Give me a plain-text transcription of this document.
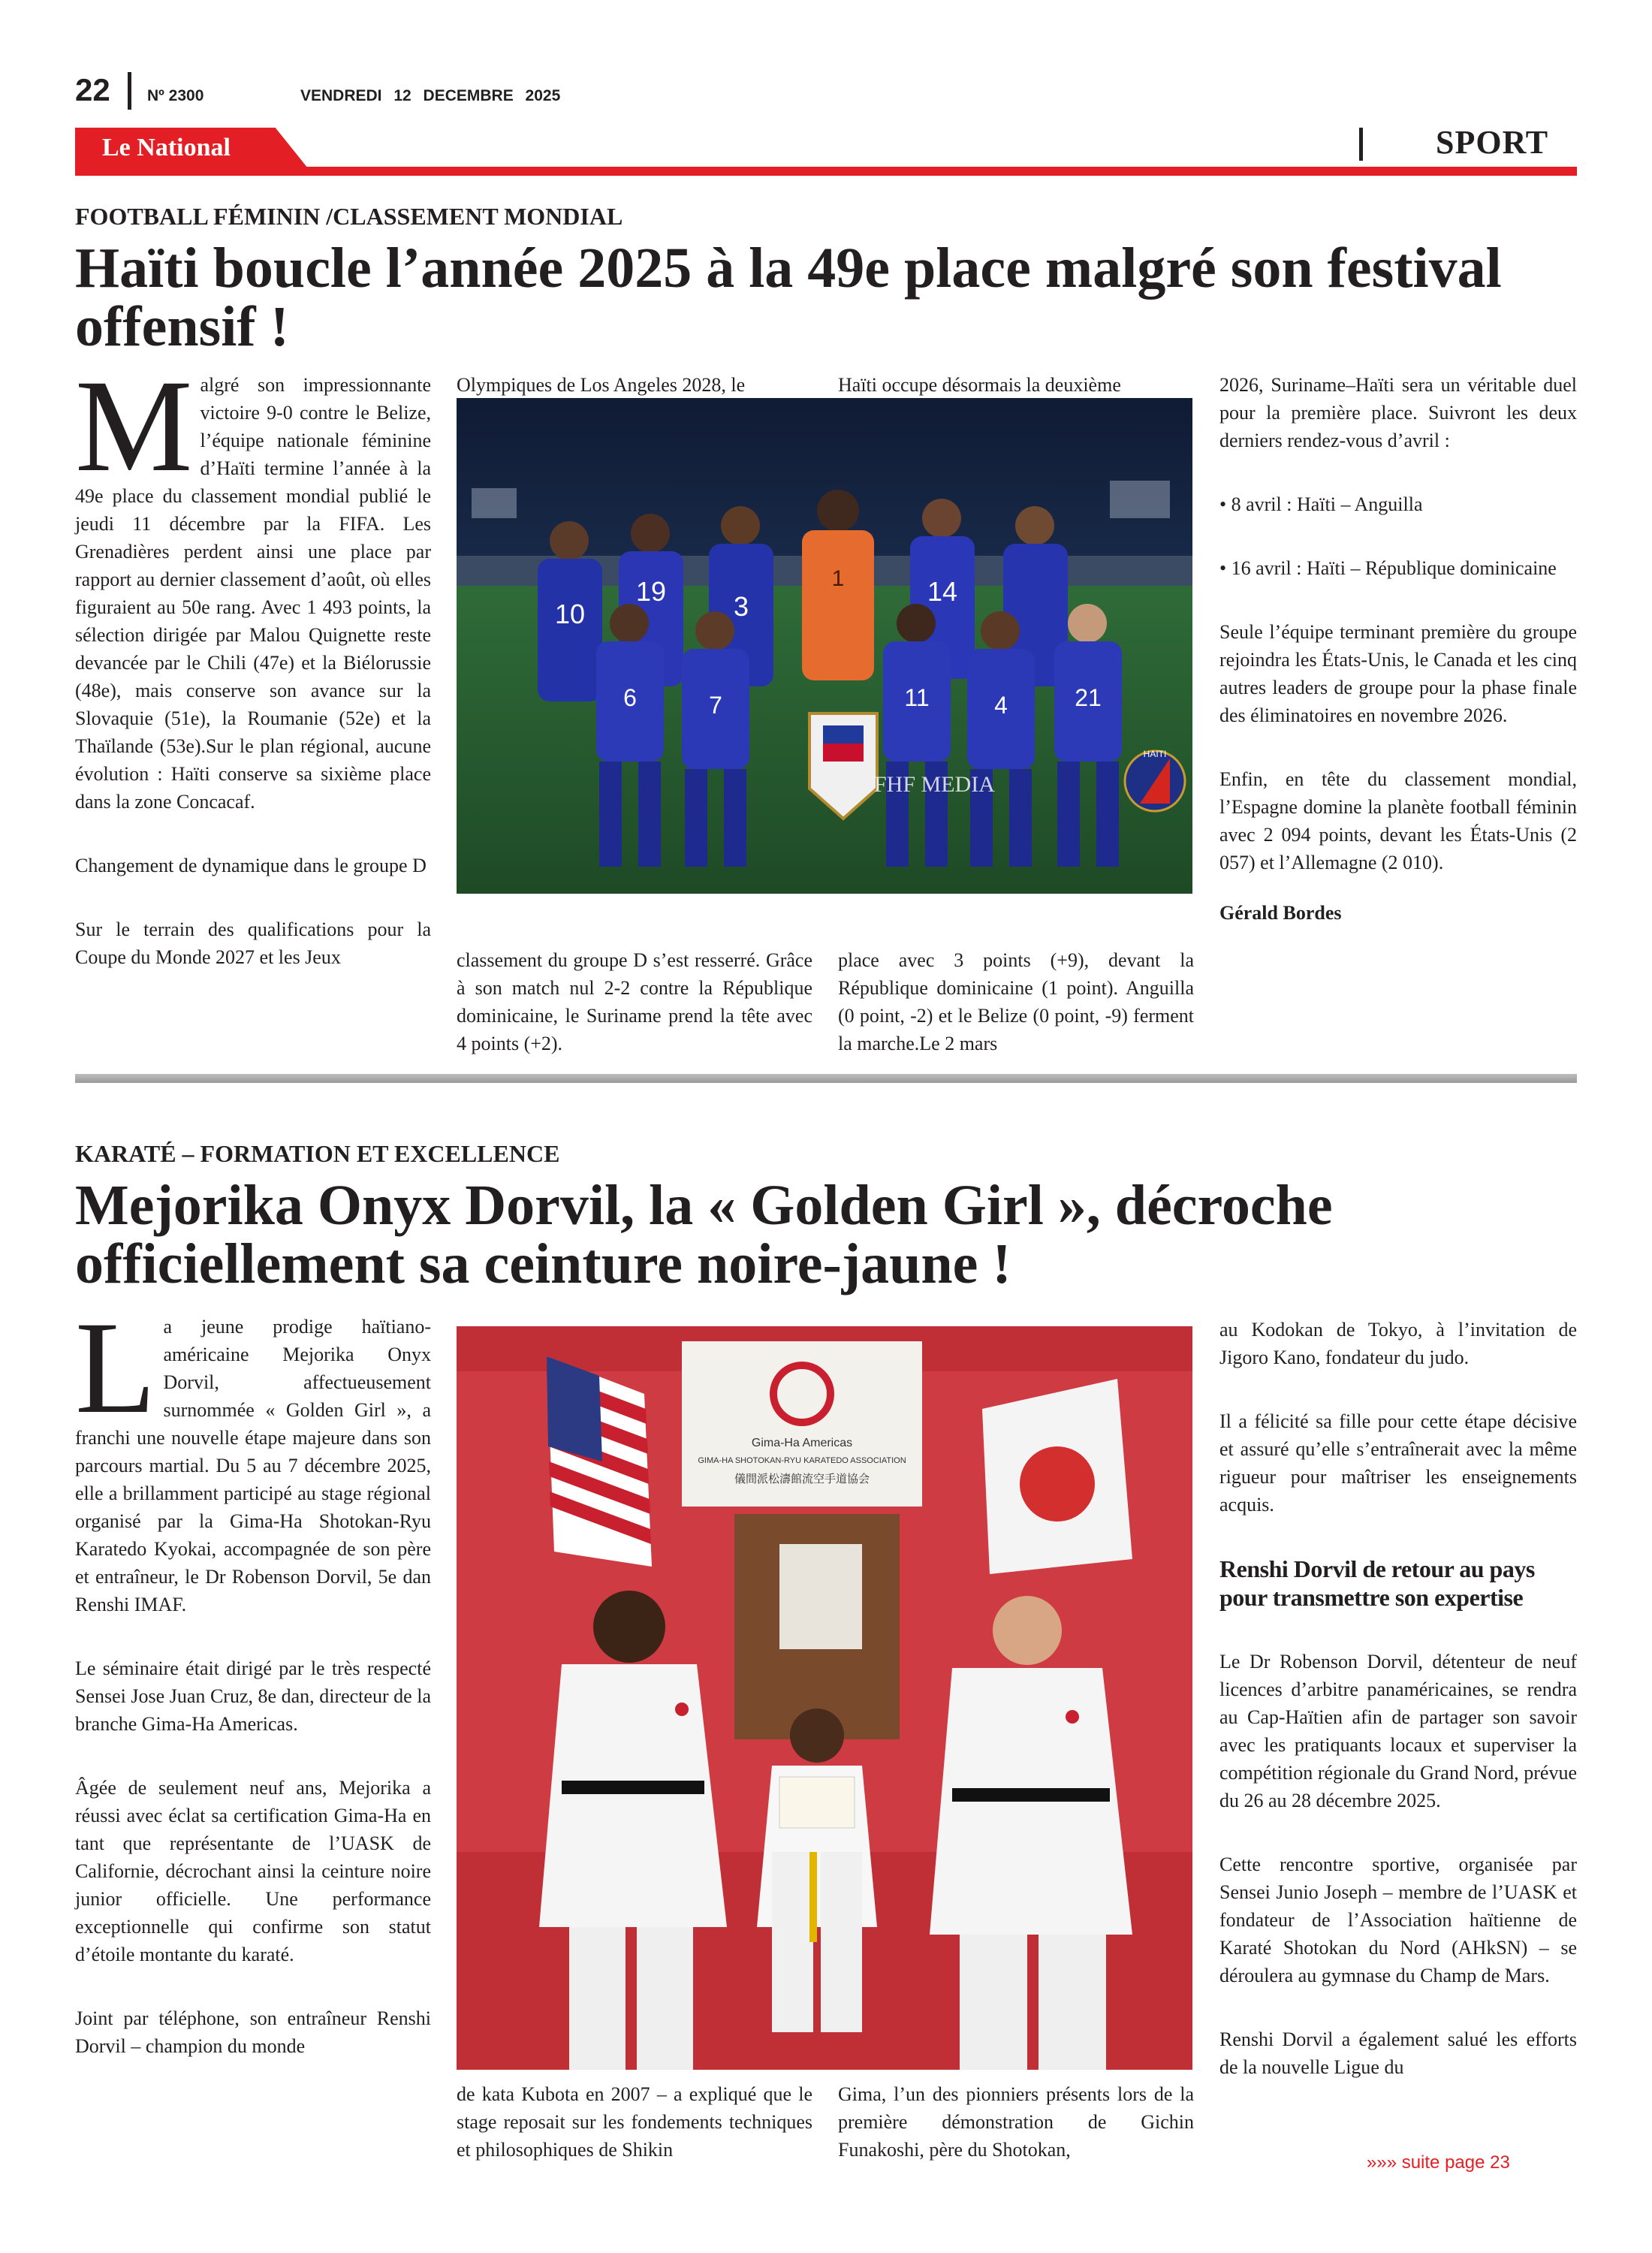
22 Nº 2300	VENDREDI 12 DECEMBRE 2025
Le National	SPORT
FOOTBALL FÉMININ /CLASSEMENT MONDIAL
Haïti boucle l’année 2025 à la 49e place malgré son festival offensif !

Malgré son impressionnante victoire 9-0 contre le Belize, l’équipe nationale féminine d’Haïti termine l’année à la 49e place du classement mondial publié le jeudi 11 décembre par la FIFA. Les Grenadières perdent ainsi une place par rapport au dernier classement d’août, où elles figuraient au 50e rang. Avec 1 493 points, la sélection dirigée par Malou Quignette reste devancée par le Chili (47e) et la Biélorussie (48e), mais conserve son avance sur la Slovaquie (51e), la Roumanie (52e) et la Thaïlande (53e).Sur le plan régional, aucune évolution : Haïti conserve sa sixième place dans la zone Concacaf.

Changement de dynamique dans le groupe D

Sur le terrain des qualifications pour la Coupe du Monde 2027 et les Jeux

Olympiques de Los Angeles 2028, le	Haïti occupe désormais la deuxième
10
19 3
1	14
6	7	11	4	21
FHF MEDIA
HAITI
classement du groupe D s’est resserré. Grâce à son match nul 2-2 contre la République dominicaine, le Suriname prend la tête avec 4 points (+2).
place avec 3 points (+9), devant la République dominicaine (1 point). Anguilla (0 point, -2) et le Belize (0 point, -9) ferment la marche.Le 2 mars

2026, Suriname–Haïti sera un véritable duel pour la première place. Suivront les deux derniers rendez-vous d’avril :

• 8 avril : Haïti – Anguilla

• 16 avril : Haïti – République dominicaine

Seule l’équipe terminant première du groupe rejoindra les États-Unis, le Canada et les cinq autres leaders de groupe pour la phase finale des éliminatoires en novembre 2026.

Enfin, en tête du classement mondial, l’Espagne domine la planète football féminin avec 2 094 points, devant les États-Unis (2 057) et l’Allemagne (2 010).

Gérald Bordes

KARATÉ – FORMATION ET EXCELLENCE
Mejorika Onyx Dorvil, la « Golden Girl », décroche officiellement sa ceinture noire-jaune !

La jeune prodige haïtiano-américaine Mejorika Onyx Dorvil, affectueusement surnommée « Golden Girl », a franchi une nouvelle étape majeure dans son parcours martial. Du 5 au 7 décembre 2025, elle a brillamment participé au stage régional organisé par la Gima-Ha Shotokan-Ryu Karatedo Kyokai, accompagnée de son père et entraîneur, le Dr Robenson Dorvil, 5e dan Renshi IMAF.

Le séminaire était dirigé par le très respecté Sensei Jose Juan Cruz, 8e dan, directeur de la branche Gima-Ha Americas.

Âgée de seulement neuf ans, Mejorika a réussi avec éclat sa certification Gima-Ha en tant que représentante de l’UASK de Californie, décrochant ainsi la ceinture noire junior officielle. Une performance exceptionnelle qui confirme son statut d’étoile montante du karaté.

Joint par téléphone, son entraîneur Renshi Dorvil – champion du monde

Gima-Ha Americas
GIMA-HA SHOTOKAN-RYU KARATEDO ASSOCIATION
儀間派松濤館流空手道協会
de kata Kubota en 2007 – a expliqué que le stage reposait sur les fondements techniques et philosophiques de Shikin
Gima, l’un des pionniers présents lors de la première démonstration de Gichin Funakoshi, père du Shotokan,

au Kodokan de Tokyo, à l’invitation de Jigoro Kano, fondateur du judo.

Il a félicité sa fille pour cette étape décisive et assuré qu’elle s’entraînerait avec la même rigueur pour maîtriser les enseignements acquis.

Renshi Dorvil de retour au pays pour transmettre son expertise

Le Dr Robenson Dorvil, détenteur de neuf licences d’arbitre panaméricaines, se rendra au Cap-Haïtien afin de partager son savoir avec les pratiquants locaux et superviser la compétition régionale du Grand Nord, prévue du 26 au 28 décembre 2025.

Cette rencontre sportive, organisée par Sensei Junio Joseph – membre de l’UASK et fondateur de l’Association haïtienne de Karaté Shotokan du Nord (AHkSN) – se déroulera au gymnase du Champ de Mars.

Renshi Dorvil a également salué les efforts de la nouvelle Ligue du

»»» suite page 23
